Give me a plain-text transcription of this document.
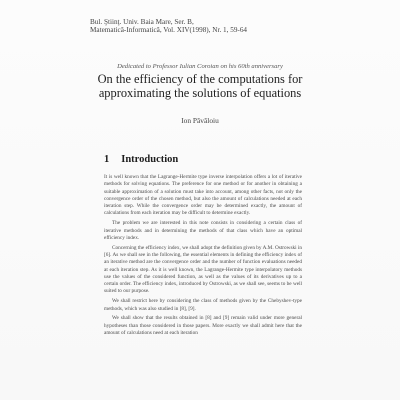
Bul. Ştiinţ. Univ. Baia Mare, Ser. B,
Matematică-Informatică, Vol. XIV(1998), Nr. 1, 59-64
Dedicated to Professor Iulian Coroian on his 60th anniversary
On the efficiency of the computations for
approximating the solutions of equations
Ion Păvăloiu
1 Introduction

It is well known that the Lagrange-Hermite type inverse interpolation offers a lot of iterative methods for solving equations. The preference for one method or for another in obtaining a suitable approximation of a solution must take into account, among other facts, not only the convergence order of the chosen method, but also the amount of calculations needed at each iteration step. While the convergence order may be determined exactly, the amount of calculations from each iteration may be difficult to determine exactly.

The problem we are interested in this note consists in considering a certain class of iterative methods and in determining the methods of that class which have an optimal efficiency index.

Concerning the efficiency index, we shall adopt the definition given by A.M. Ostrowski in [6]. As we shall see in the following, the essential elements in defining the efficiency index of an iterative method are the convergence order and the number of function evaluations needed at each iteration step. As it is well known, the Lagrange-Hermite type interpolatory methods use the values of the considered function, as well as the values of its derivatives up to a certain order. The efficiency index, introduced by Ostrowski, as we shall see, seems to be well suited to our purpose.

We shall restrict here by considering the class of methods given by the Chebyshev-type methods, which was also studied in [8], [9].

We shall show that the results obtained in [8] and [9] remain valid under more general hypotheses than those considered in those papers. More exactly we shall admit here that the amount of calculations need at each iteration
